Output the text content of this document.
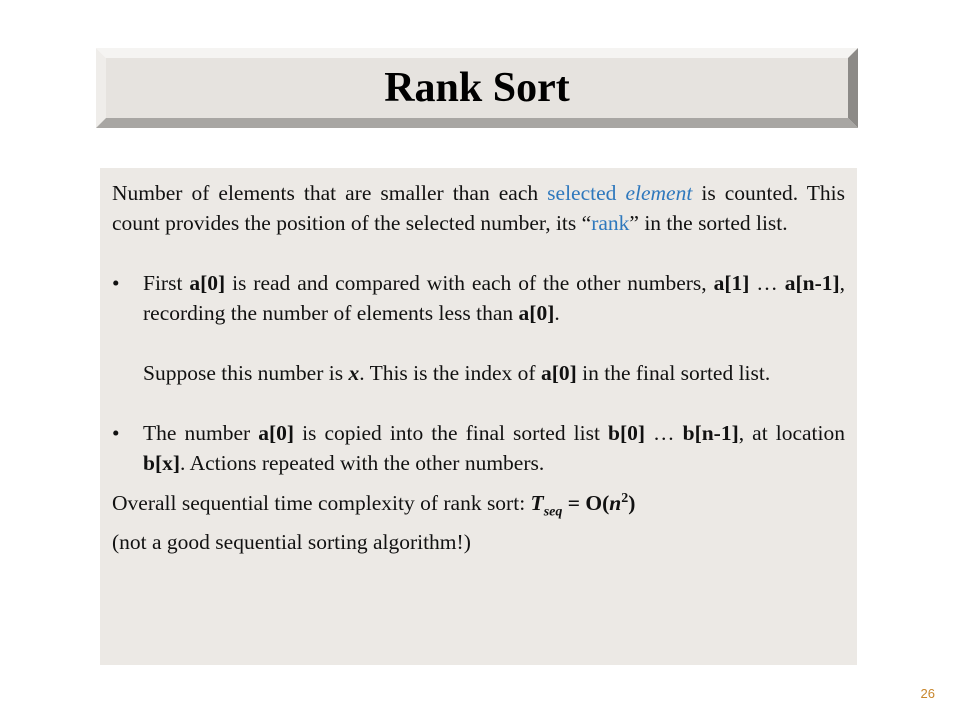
Rank Sort

Number of elements that are smaller than each selected element is counted. This count provides the position of the selected number, its “rank” in the sorted list.

• First a[0] is read and compared with each of the other numbers, a[1] … a[n-1], recording the number of elements less than a[0].

Suppose this number is x. This is the index of a[0] in the final sorted list.

• The number a[0] is copied into the final sorted list b[0] … b[n-1], at location b[x]. Actions repeated with the other numbers.

Overall sequential time complexity of rank sort: $T_{seq} = O(n^2)$

(not a good sequential sorting algorithm!)

26
